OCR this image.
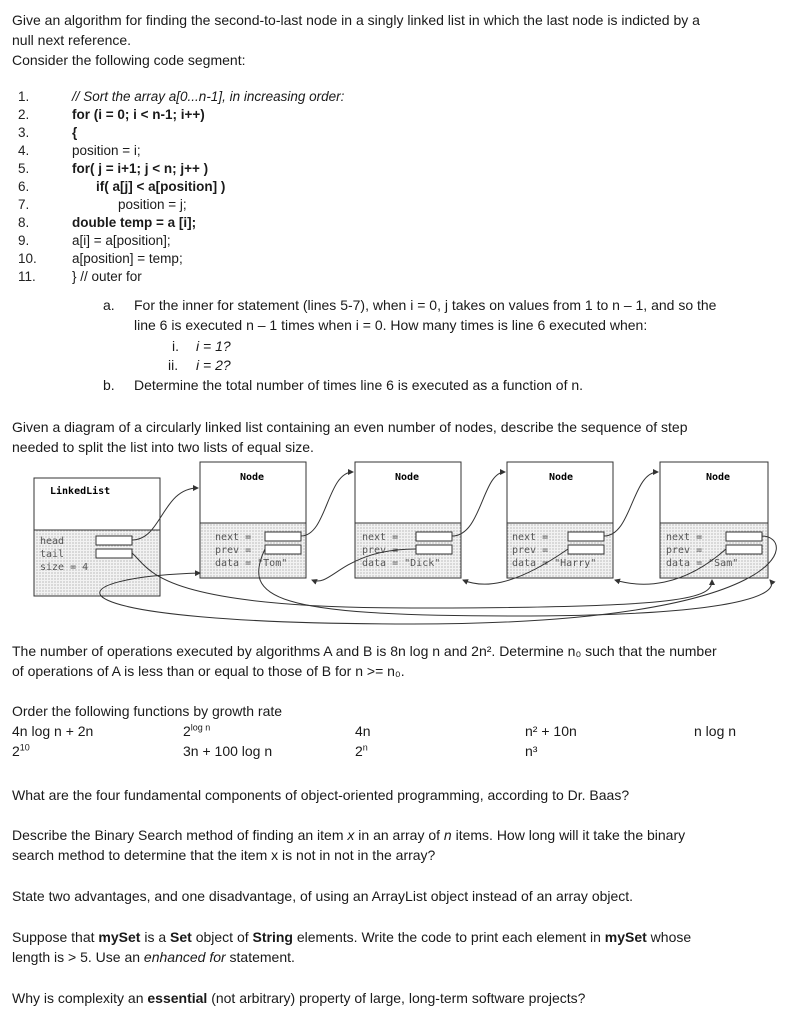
Give an algorithm for finding the second-to-last node in a singly linked list in which the last node is indicted by a

null next reference.

Consider the following code segment:

1.	// Sort the array a[0...n-1], in increasing order:
2.	for (i = 0; i < n-1; i++)
3.	{
4.	position = i;
5.	for( j = i+1; j < n; j++ )
6.	if( a[j] < a[position] )
7.	position = j;
8.	double temp = a [i];
9.	a[i] = a[position];
10.	a[position] = temp;
11.	} // outer for
a. For the inner for statement (lines 5-7), when i = 0, j takes on values from 1 to n – 1, and so the
line 6 is executed n – 1 times when i = 0. How many times is line 6 executed when:
i. i = 1?
ii. i = 2?
b. Determine the total number of times line 6 is executed as a function of n.

Given a diagram of a circularly linked list containing an even number of nodes, describe the sequence of step

needed to split the list into two lists of equal size.

LinkedList
head
tail
size = 4
Node
next =
prev =
data = "Tom"
Node
next =
prev =
data = "Dick"
Node
next =
prev =
data = "Harry"
Node
next =
prev =
data = "Sam"

The number of operations executed by algorithms A and B is 8n log n and 2n². Determine n₀ such that the number

of operations of A is less than or equal to those of B for n >= n₀.

Order the following functions by growth rate

4n log n + 2n	$2^{log n}$	4n	n² + 10n	n log n
$2^{10}$	3n + 100 log n	2$^n$	n³

What are the four fundamental components of object-oriented programming, according to Dr. Baas?

Describe the Binary Search method of finding an item x in an array of n items. How long will it take the binary

search method to determine that the item x is not in not in the array?

State two advantages, and one disadvantage, of using an ArrayList object instead of an array object.

Suppose that mySet is a Set object of String elements. Write the code to print each element in mySet whose

length is > 5. Use an enhanced for statement.

Why is complexity an essential (not arbitrary) property of large, long-term software projects?
